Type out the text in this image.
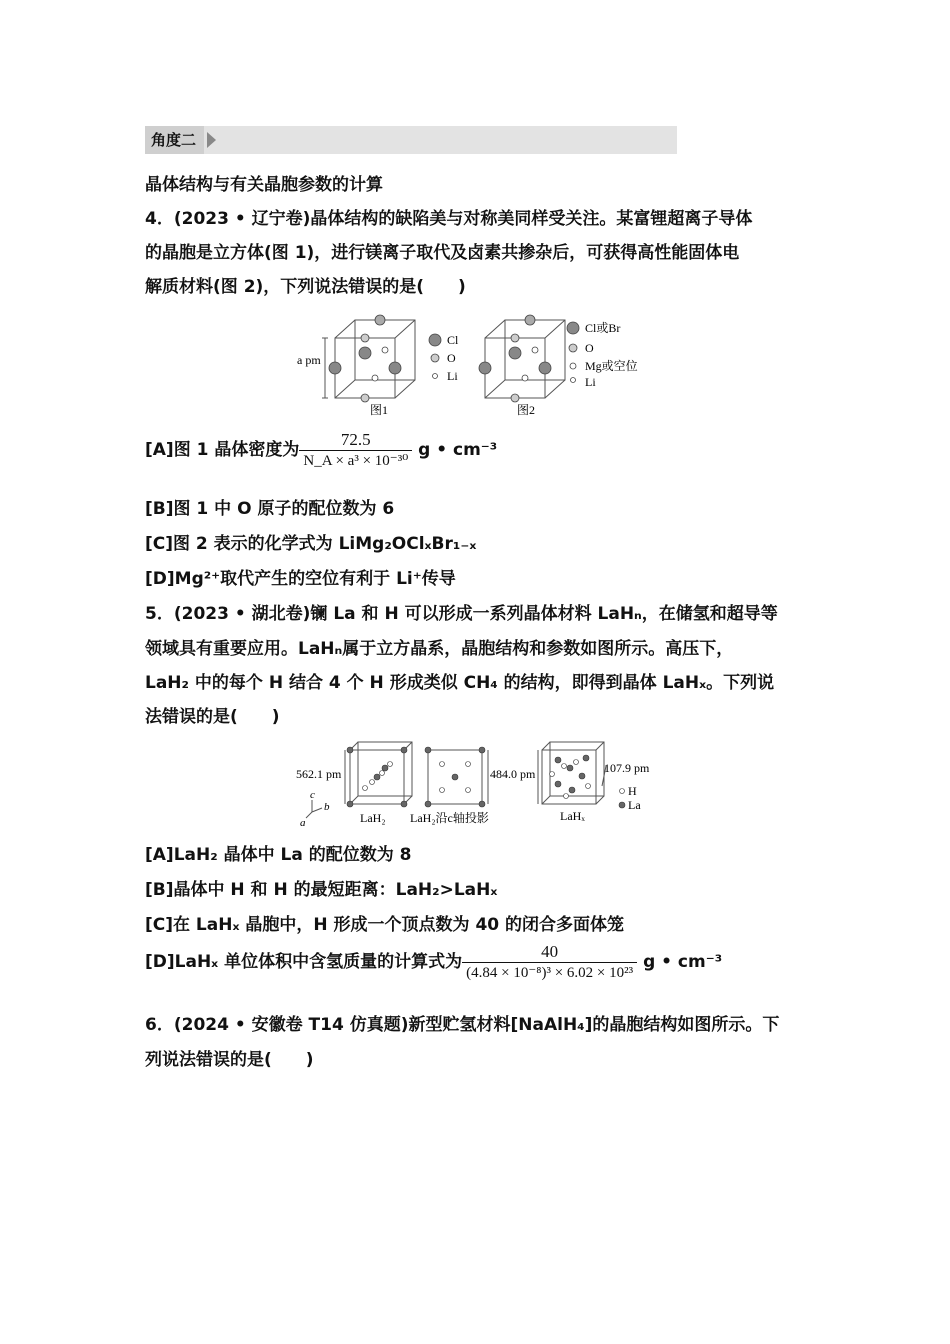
角度二
晶体结构与有关晶胞参数的计算
4．(2023 • 辽宁卷)晶体结构的缺陷美与对称美同样受关注。某富锂超离子导体
的晶胞是立方体(图 1)，进行镁离子取代及卤素共掺杂后，可获得高性能固体电
解质材料(图 2)，下列说法错误的是(　　)
a pm
Cl
O
Li
Cl或Br
O
Mg或空位
Li
图1	图2
[A]图 1 晶体密度为 $\frac{72.5}{\text{N\_A × a³ × 10⁻³⁰}}$ g • cm⁻³
[B]图 1 中 O 原子的配位数为 6
[C]图 2 表示的化学式为 LiMg₂OClₓBr₁₋ₓ
[D]Mg²⁺取代产生的空位有利于 Li⁺传导
5．(2023 • 湖北卷)镧 La 和 H 可以形成一系列晶体材料 LaHₙ，在储氢和超导等
领域具有重要应用。LaHₙ属于立方晶系，晶胞结构和参数如图所示。高压下，
LaH₂ 中的每个 H 结合 4 个 H 形成类似 CH₄ 的结构，即得到晶体 LaHₓ。下列说
法错误的是(　　)
562.1 pm	484.0 pm	107.9 pm
c
b
a
H
La
LaH₂ LaH₂沿c轴投影	LaHₓ
[A]LaH₂ 晶体中 La 的配位数为 8
[B]晶体中 H 和 H 的最短距离：LaH₂>LaHₓ
[C]在 LaHₓ 晶胞中，H 形成一个顶点数为 40 的闭合多面体笼
[D]LaHₓ 单位体积中含氢质量的计算式为 $\frac{40}{\text{(4.84 × 10⁻⁸)³ × 6.02 × 10²³}}$ g • cm⁻³
6．(2024 • 安徽卷 T14 仿真题)新型贮氢材料[NaAlH₄]的晶胞结构如图所示。下
列说法错误的是(　　)
